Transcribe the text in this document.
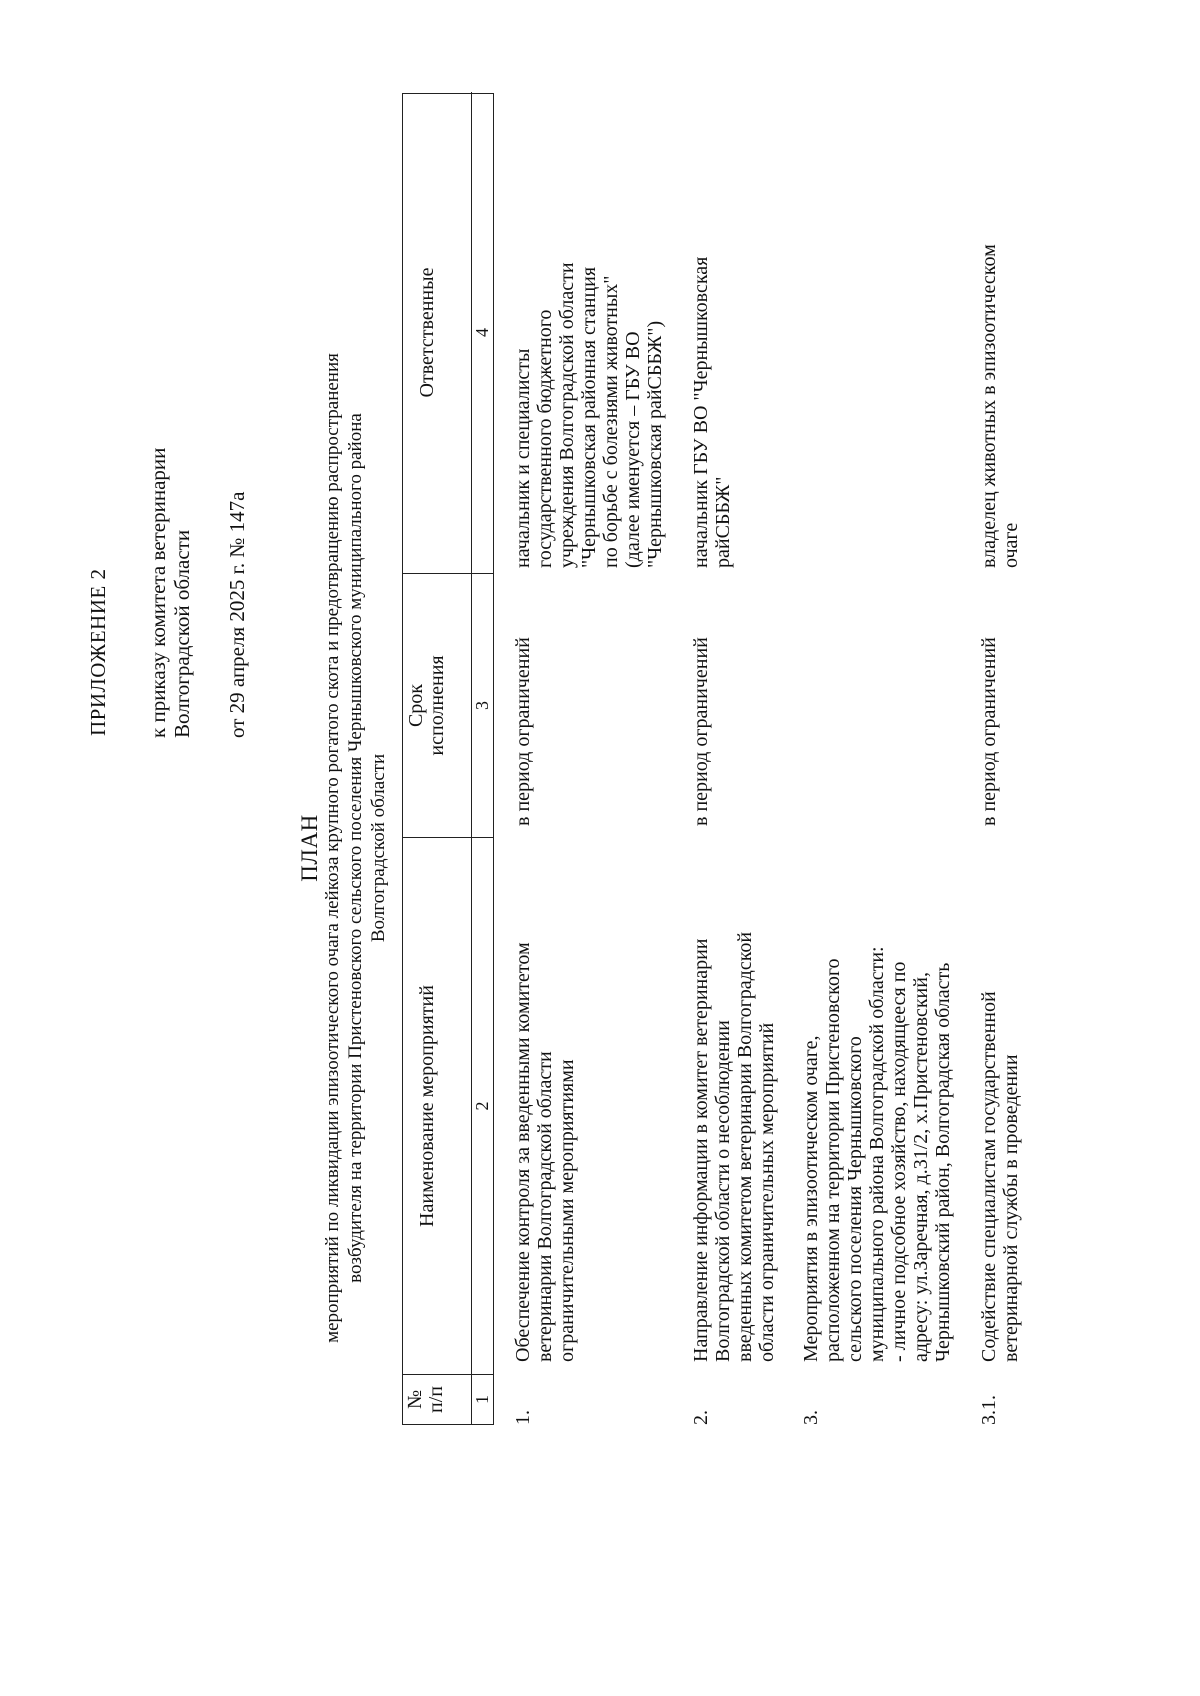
ПРИЛОЖЕНИЕ 2 к приказу комитета ветеринарии Волгоградской области от 29 апреля 2025 г. № 147а
ПЛАН мероприятий по ликвидации эпизоотического очага лейкоза крупного рогатого скота и предотвращению распространения возбудителя на территории Пристеновского сельского поселения Чернышковского муниципального района Волгоградской области
№ п/п 1
Наименование мероприятий 2
Срок исполнения 3
Ответственные 4
1.
Обеспечение контроля за введенными комитетом ветеринарии Волгоградской области ограничительными мероприятиями
в период ограничений
начальник и специалисты государственного бюджетного учреждения Волгоградской области "Чернышковская районная станция по борьбе с болезнями животных" (далее именуется – ГБУ ВО "Чернышковская райСББЖ")
2.
Направление информации в комитет ветеринарии Волгоградской области о несоблюдении введенных комитетом ветеринарии Волгоградской области ограничительных мероприятий
в период ограничений
начальник ГБУ ВО "Чернышковская райСББЖ"
3.
Мероприятия в эпизоотическом очаге, расположенном на территории Пристеновского сельского поселения Чернышковского муниципального района Волгоградской области: - личное подсобное хозяйство, находящееся по адресу: ул.Заречная, д.31/2, х.Пристеновский, Чернышковский район, Волгоградская область
3.1.
Содействие специалистам государственной ветеринарной службы в проведении
в период ограничений
владелец животных в эпизоотическом очаге
